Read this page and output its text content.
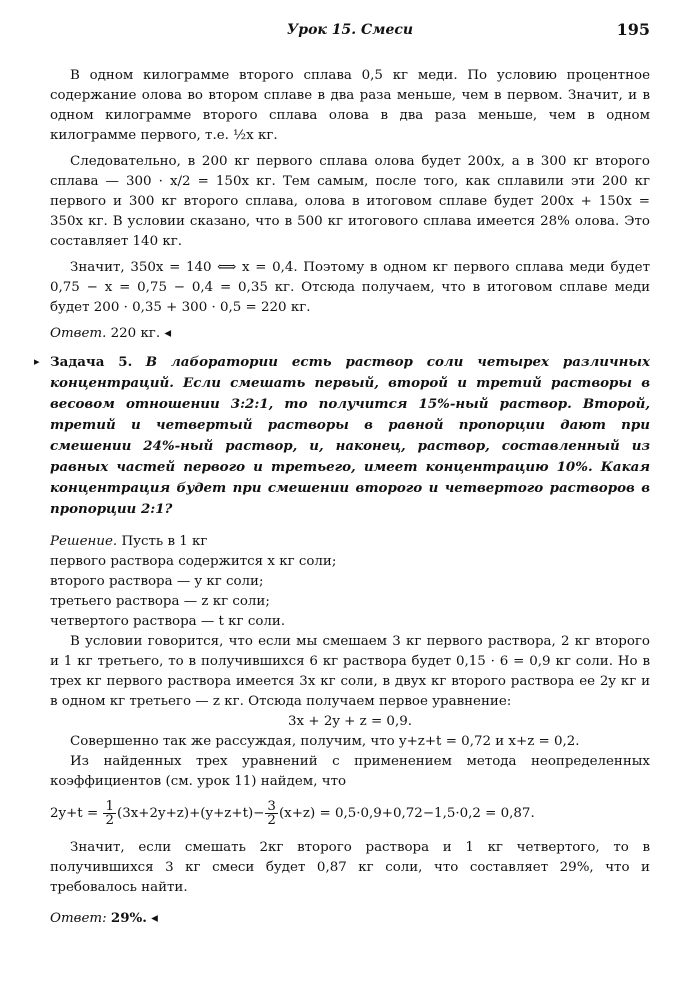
Урок 15. Смеси	195

В одном килограмме второго сплава 0,5 кг меди. По условию процентное содержание олова во втором сплаве в два раза меньше, чем в первом. Значит, и в одном килограмме второго сплава олова в два раза меньше, чем в одном килограмме первого, т.е. ½x кг.

Следовательно, в 200 кг первого сплава олова будет 200x, а в 300 кг второго сплава — 300 · x/2 = 150x кг. Тем самым, после того, как сплавили эти 200 кг первого и 300 кг второго сплава, олова в итоговом сплаве будет 200x + 150x = 350x кг. В условии сказано, что в 500 кг итогового сплава имеется 28% олова. Это составляет 140 кг.

Значит, 350x = 140 ⟺ x = 0,4. Поэтому в одном кг первого сплава меди будет 0,75 − x = 0,75 − 0,4 = 0,35 кг. Отсюда получаем, что в итоговом сплаве меди будет 200 · 0,35 + 300 · 0,5 = 220 кг.

Ответ. 220 кг. ◂

▸ Задача 5. В лаборатории есть раствор соли четырех различных концентраций. Если смешать первый, второй и третий растворы в весовом отношении 3:2:1, то получится 15%-ный раствор. Второй, третий и четвертый растворы в равной пропорции дают при смешении 24%-ный раствор, и, наконец, раствор, составленный из равных частей первого и третьего, имеет концентрацию 10%. Какая концентрация будет при смешении второго и четвертого растворов в пропорции 2:1?

Решение. Пусть в 1 кг

первого раствора содержится x кг соли;

второго раствора — y кг соли;

третьего раствора — z кг соли;

четвертого раствора — t кг соли.

В условии говорится, что если мы смешаем 3 кг первого раствора, 2 кг второго и 1 кг третьего, то в получившихся 6 кг раствора будет 0,15 · 6 = 0,9 кг соли. Но в трех кг первого раствора имеется 3x кг соли, в двух кг второго раствора ее 2y кг и в одном кг третьего — z кг. Отсюда получаем первое уравнение:

3x + 2y + z = 0,9.

Совершенно так же рассуждая, получим, что y+z+t = 0,72 и x+z = 0,2.

Из найденных трех уравнений с применением метода неопределенных коэффициентов (см. урок 11) найдем, что

$2y+t = \frac{1}{2} (3x+2y+z)+(y+z+t)- \frac{3}{2} (x+z) = 0,5\cdot 0,9+0,72-1,5\cdot 0,2 = 0,87$.

Значит, если смешать 2кг второго раствора и 1 кг четвертого, то в получившихся 3 кг смеси будет 0,87 кг соли, что составляет 29%, что и требовалось найти.

Ответ: 29%. ◂
